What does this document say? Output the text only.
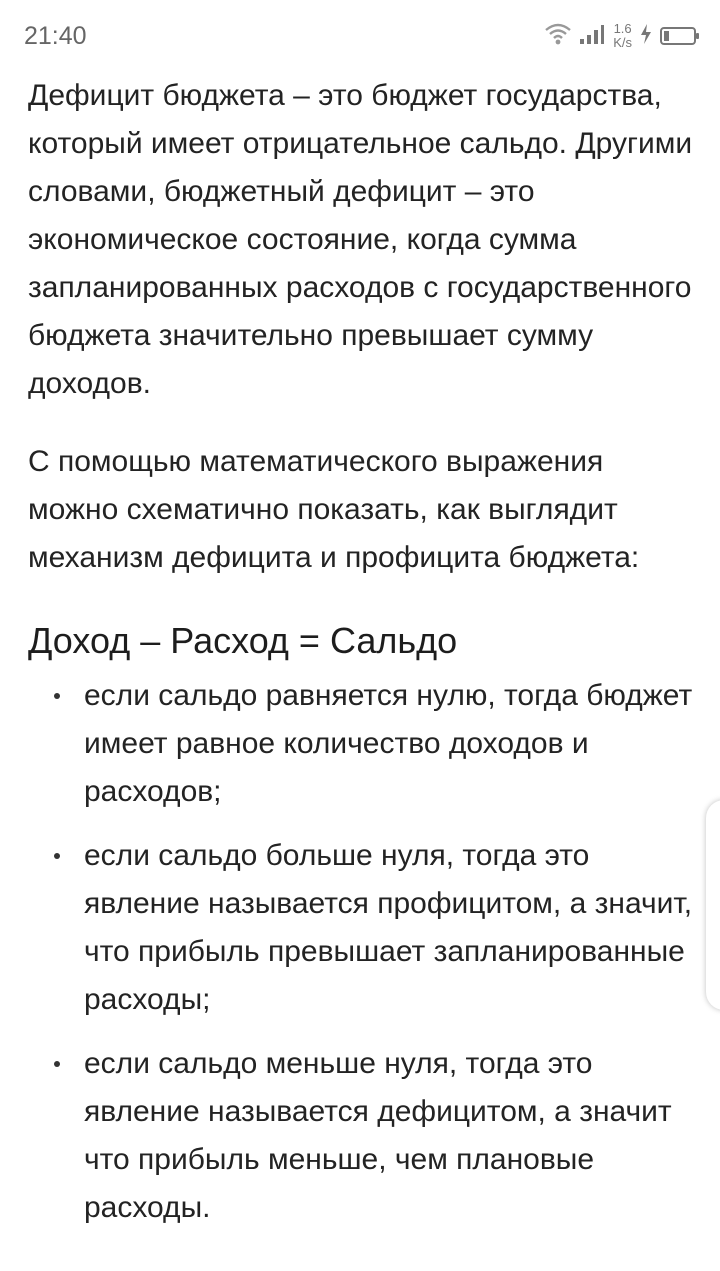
21:40	1.6
K/s

Дефицит бюджета – это бюджет государства, который имеет отрицательное сальдо. Другими словами, бюджетный дефицит – это экономическое состояние, когда сумма запланированных расходов с государственного бюджета значительно превышает сумму доходов.

С помощью математического выражения можно схематично показать, как выглядит механизм дефицита и профицита бюджета:

Доход – Расход = Сальдо
если сальдо равняется нулю, тогда бюджет имеет равное количество доходов и расходов;
если сальдо больше нуля, тогда это явление называется профицитом, а значит, что прибыль превышает запланированные расходы;
если сальдо меньше нуля, тогда это явление называется дефицитом, а значит что прибыль меньше, чем плановые расходы.
